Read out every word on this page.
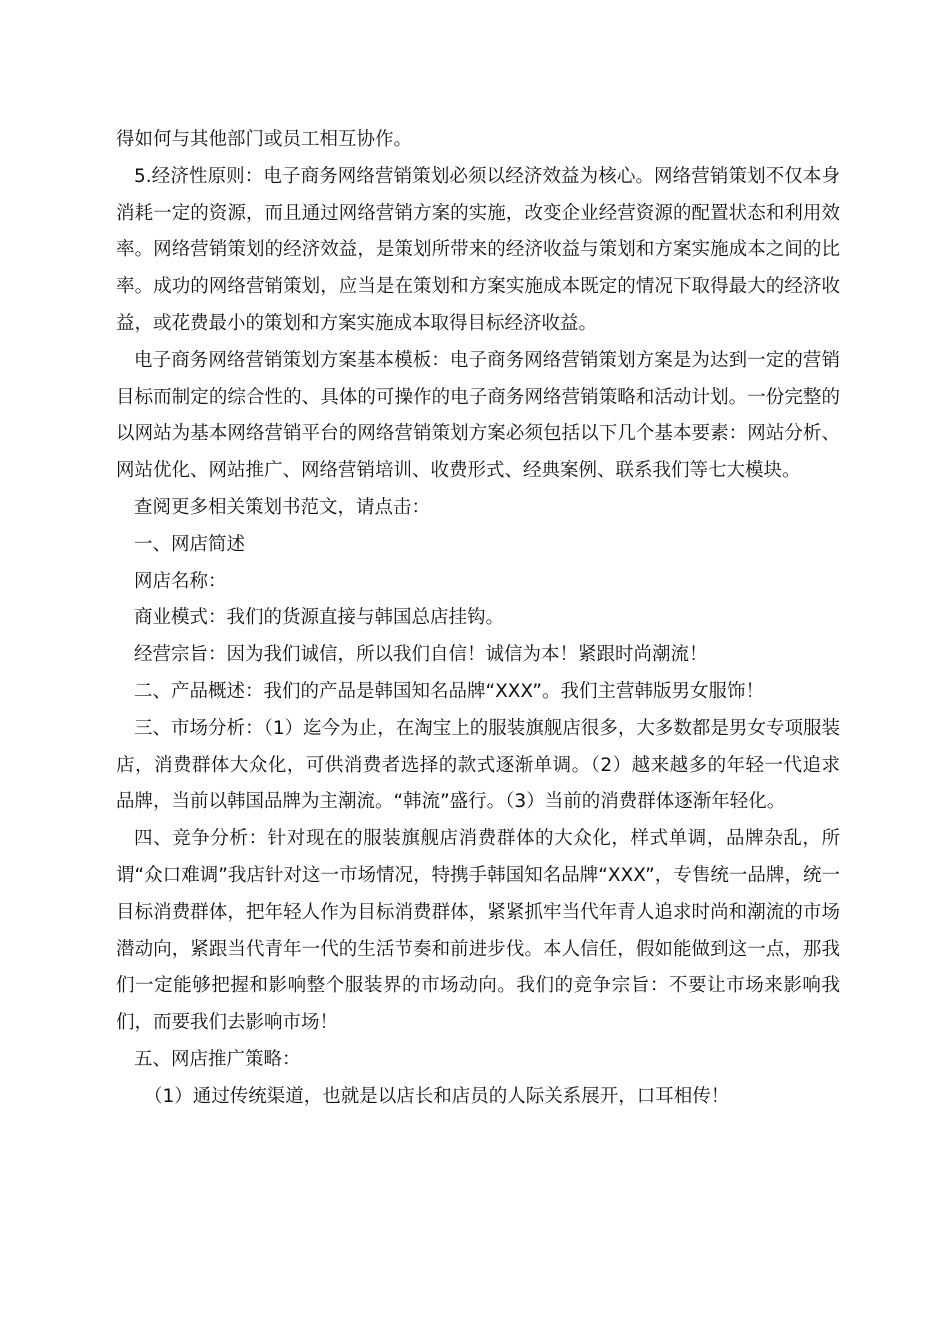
得如何与其他部门或员工相互协作。

5.经济性原则：电子商务网络营销策划必须以经济效益为核心。网络营销策划不仅本身消耗一定的资源，而且通过网络营销方案的实施，改变企业经营资源的配置状态和利用效率。网络营销策划的经济效益，是策划所带来的经济收益与策划和方案实施成本之间的比率。成功的网络营销策划，应当是在策划和方案实施成本既定的情况下取得最大的经济收益，或花费最小的策划和方案实施成本取得目标经济收益。

电子商务网络营销策划方案基本模板：电子商务网络营销策划方案是为达到一定的营销目标而制定的综合性的、具体的可操作的电子商务网络营销策略和活动计划。一份完整的以网站为基本网络营销平台的网络营销策划方案必须包括以下几个基本要素：网站分析、网站优化、网站推广、网络营销培训、收费形式、经典案例、联系我们等七大模块。

查阅更多相关策划书范文，请点击：

一、网店简述

网店名称：

商业模式：我们的货源直接与韩国总店挂钩。

经营宗旨：因为我们诚信，所以我们自信！诚信为本！紧跟时尚潮流！

二、产品概述：我们的产品是韩国知名品牌“XXX”。我们主营韩版男女服饰！

三、市场分析：（1）迄今为止，在淘宝上的服装旗舰店很多，大多数都是男女专项服装店，消费群体大众化，可供消费者选择的款式逐渐单调。（2）越来越多的年轻一代追求品牌，当前以韩国品牌为主潮流。“韩流”盛行。（3）当前的消费群体逐渐年轻化。

四、竞争分析：针对现在的服装旗舰店消费群体的大众化，样式单调，品牌杂乱，所谓“众口难调”我店针对这一市场情况，特携手韩国知名品牌“XXX”，专售统一品牌，统一目标消费群体，把年轻人作为目标消费群体，紧紧抓牢当代年青人追求时尚和潮流的市场潜动向，紧跟当代青年一代的生活节奏和前进步伐。本人信任，假如能做到这一点，那我们一定能够把握和影响整个服装界的市场动向。我们的竞争宗旨：不要让市场来影响我们，而要我们去影响市场！

五、网店推广策略：

（1）通过传统渠道，也就是以店长和店员的人际关系展开，口耳相传！
